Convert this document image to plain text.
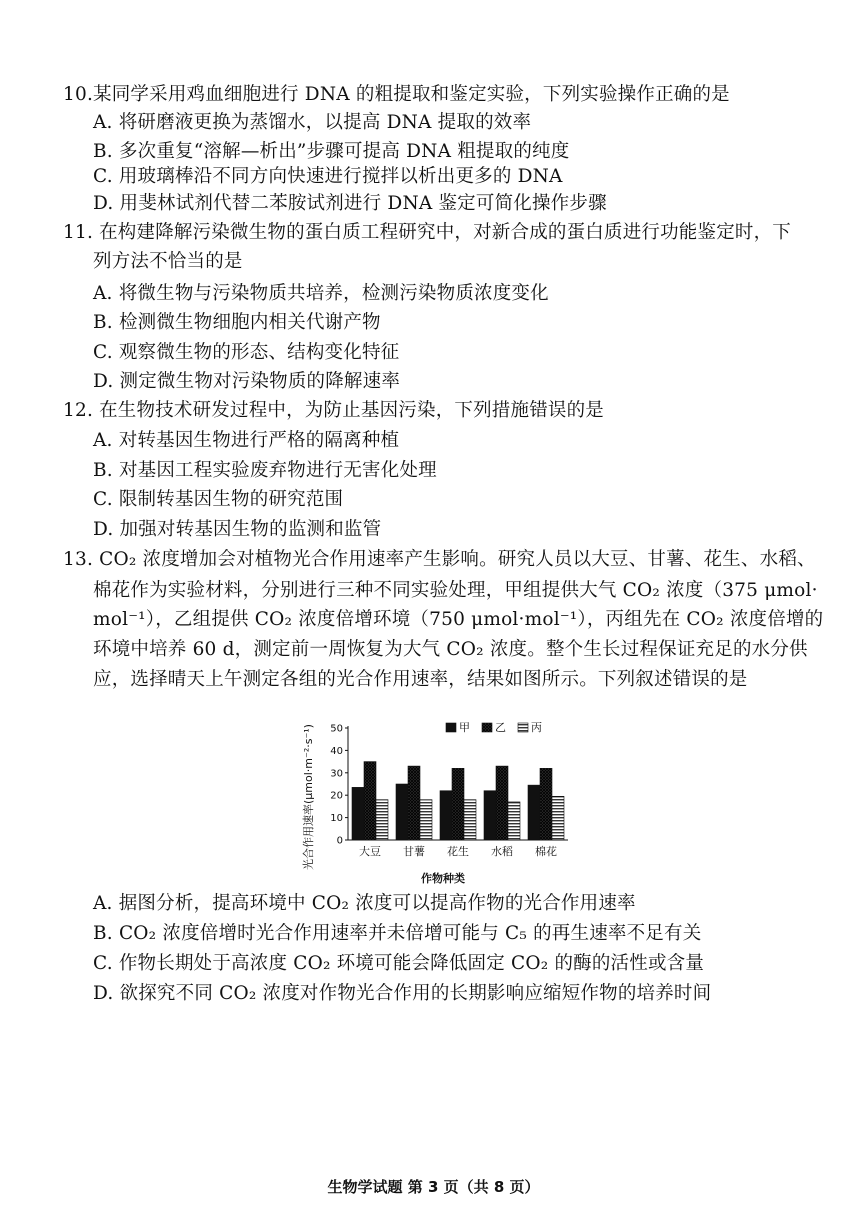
10.某同学采用鸡血细胞进行 DNA 的粗提取和鉴定实验，下列实验操作正确的是
A. 将研磨液更换为蒸馏水，以提高 DNA 提取的效率
B. 多次重复“溶解—析出”步骤可提高 DNA 粗提取的纯度
C. 用玻璃棒沿不同方向快速进行搅拌以析出更多的 DNA
D. 用斐林试剂代替二苯胺试剂进行 DNA 鉴定可简化操作步骤
11. 在构建降解污染微生物的蛋白质工程研究中，对新合成的蛋白质进行功能鉴定时，下
列方法不恰当的是
A. 将微生物与污染物质共培养，检测污染物质浓度变化
B. 检测微生物细胞内相关代谢产物
C. 观察微生物的形态、结构变化特征
D. 测定微生物对污染物质的降解速率
12. 在生物技术研发过程中，为防止基因污染，下列措施错误的是
A. 对转基因生物进行严格的隔离种植
B. 对基因工程实验废弃物进行无害化处理
C. 限制转基因生物的研究范围
D. 加强对转基因生物的监测和监管
13. CO₂ 浓度增加会对植物光合作用速率产生影响。研究人员以大豆、甘薯、花生、水稻、
棉花作为实验材料，分别进行三种不同实验处理，甲组提供大气 CO₂ 浓度（375 μmol·
mol⁻¹），乙组提供 CO₂ 浓度倍增环境（750 μmol·mol⁻¹），丙组先在 CO₂ 浓度倍增的
环境中培养 60 d，测定前一周恢复为大气 CO₂ 浓度。整个生长过程保证充足的水分供
应，选择晴天上午测定各组的光合作用速率，结果如图所示。下列叙述错误的是
光合作用速率(μmol·m⁻²·s⁻¹) 0
10
20
30
40
50
大豆 甘薯 花生 水稻 棉花
甲 乙 丙
作物种类
A. 据图分析，提高环境中 CO₂ 浓度可以提高作物的光合作用速率
B. CO₂ 浓度倍增时光合作用速率并未倍增可能与 C₅ 的再生速率不足有关
C. 作物长期处于高浓度 CO₂ 环境可能会降低固定 CO₂ 的酶的活性或含量
D. 欲探究不同 CO₂ 浓度对作物光合作用的长期影响应缩短作物的培养时间
生物学试题 第 3 页（共 8 页）
